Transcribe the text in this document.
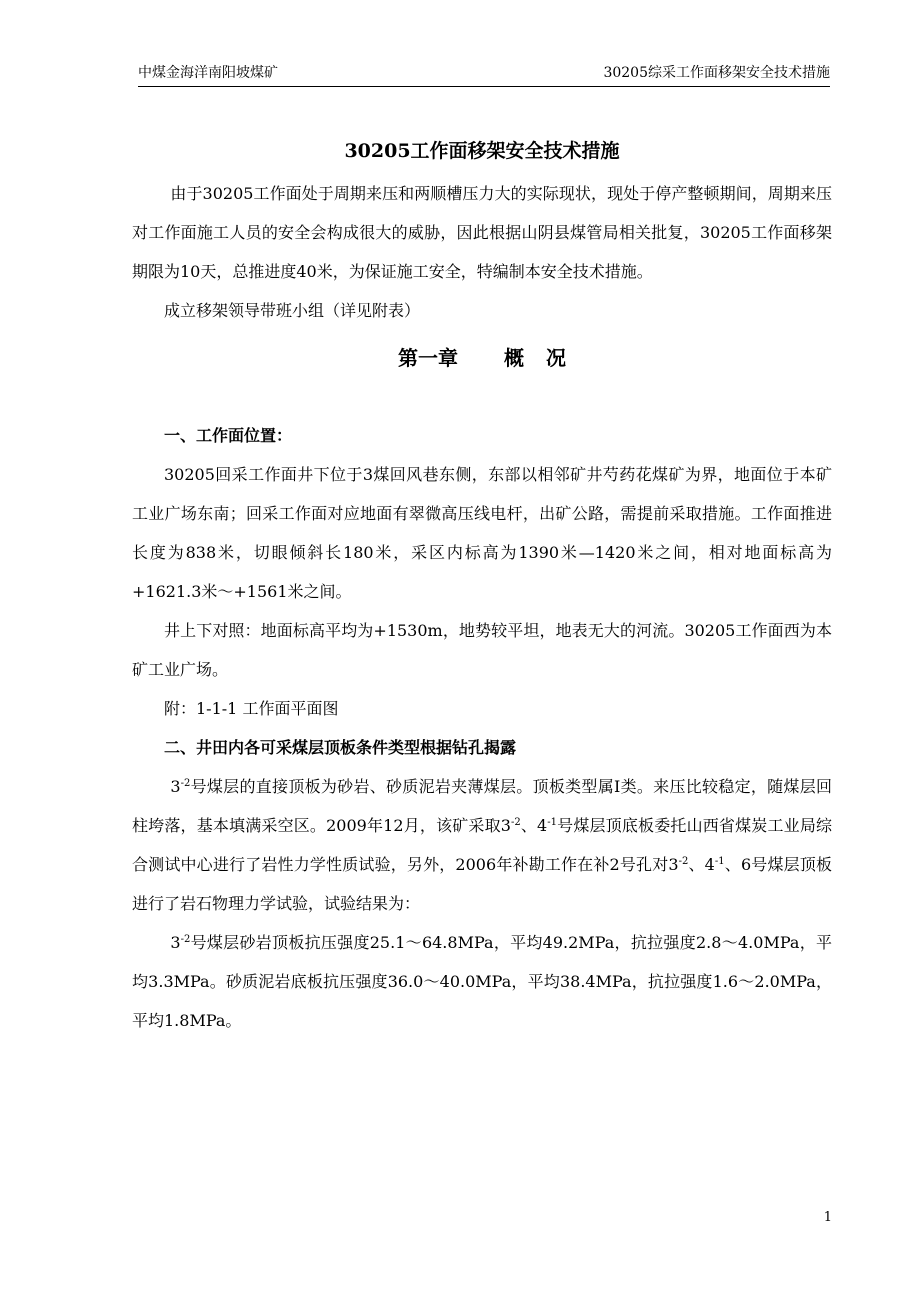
中煤金海洋南阳坡煤矿	30205综采工作面移架安全技术措施
30205工作面移架安全技术措施

由于30205工作面处于周期来压和两顺槽压力大的实际现状，现处于停产整顿期间，周期来压对工作面施工人员的安全会构成很大的威胁，因此根据山阴县煤管局相关批复，30205工作面移架期限为10天，总推进度40米，为保证施工安全，特编制本安全技术措施。

成立移架领导带班小组（详见附表）

第一章 概 况

一、工作面位置：

30205回采工作面井下位于3煤回风巷东侧，东部以相邻矿井芍药花煤矿为界，地面位于本矿工业广场东南；回采工作面对应地面有翠微高压线电杆，出矿公路，需提前采取措施。工作面推进长度为838米，切眼倾斜长180米，采区内标高为1390米—1420米之间，相对地面标高为+1621.3米～+1561米之间。

井上下对照：地面标高平均为+1530m，地势较平坦，地表无大的河流。30205工作面西为本矿工业广场。

附：1-1-1 工作面平面图

二、井田内各可采煤层顶板条件类型根据钻孔揭露

$3^{-2}$号煤层的直接顶板为砂岩、砂质泥岩夹薄煤层。顶板类型属Ⅰ类。来压比较稳定，随煤层回柱垮落，基本填满采空区。2009年12月，该矿采取$3^{-2}$、$4^{-1}$号煤层顶底板委托山西省煤炭工业局综合测试中心进行了岩性力学性质试验，另外，2006年补勘工作在补2号孔对$3^{-2}$、$4^{-1}$、6号煤层顶板进行了岩石物理力学试验，试验结果为：

$3^{-2}$号煤层砂岩顶板抗压强度25.1～64.8MPa，平均49.2MPa，抗拉强度2.8～4.0MPa，平均3.3MPa。砂质泥岩底板抗压强度36.0～40.0MPa，平均38.4MPa，抗拉强度1.6～2.0MPa，平均1.8MPa。

1
